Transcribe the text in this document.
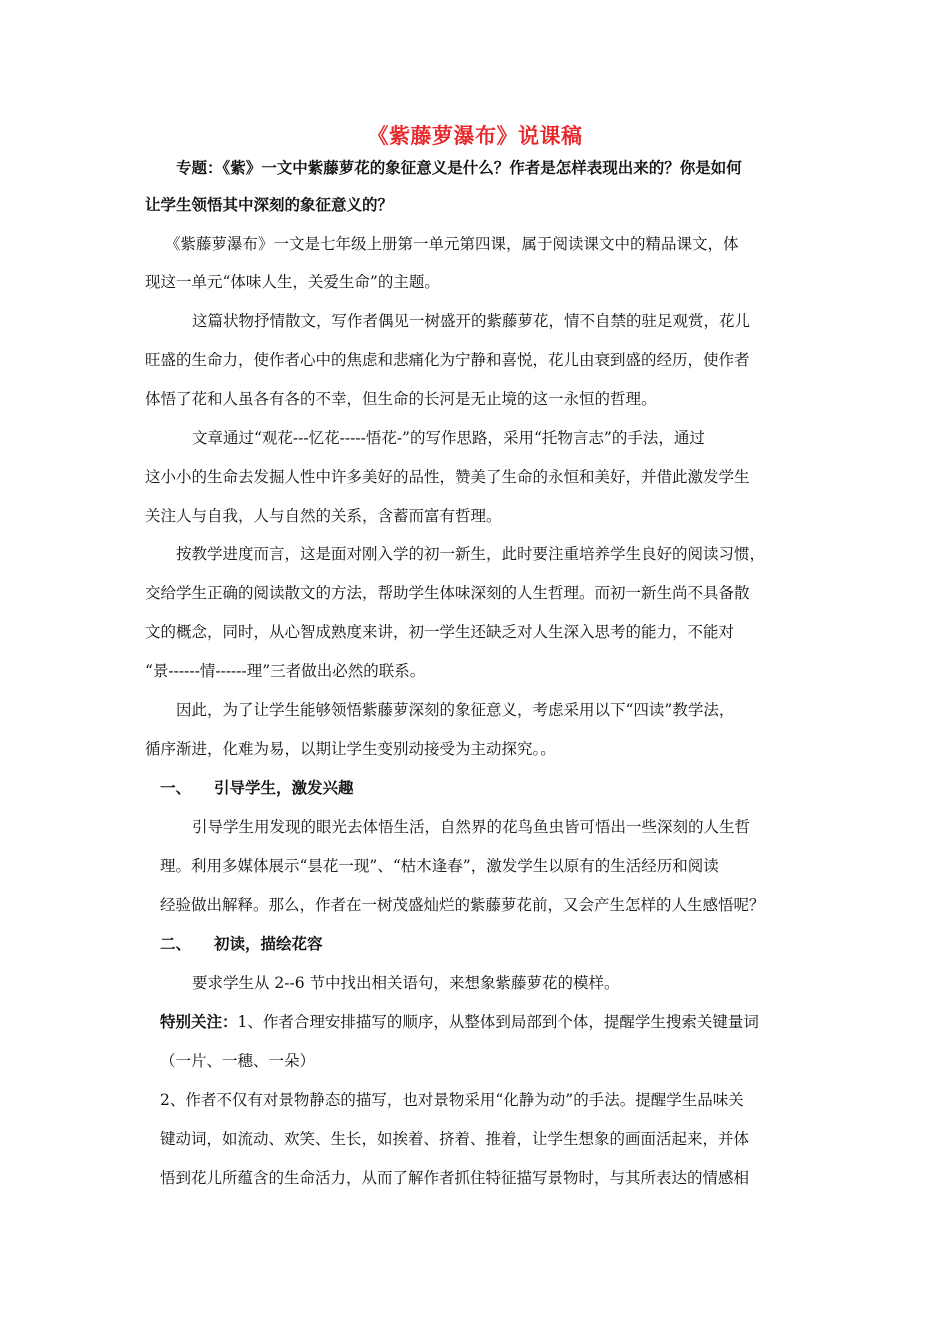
《紫藤萝瀑布》说课稿
专题：《紫》一文中紫藤萝花的象征意义是什么？作者是怎样表现出来的？你是如何
让学生领悟其中深刻的象征意义的？
《紫藤萝瀑布》一文是七年级上册第一单元第四课，属于阅读课文中的精品课文，体
现这一单元“体味人生，关爱生命”的主题。
这篇状物抒情散文，写作者偶见一树盛开的紫藤萝花，情不自禁的驻足观赏，花儿
旺盛的生命力，使作者心中的焦虑和悲痛化为宁静和喜悦，花儿由衰到盛的经历，使作者
体悟了花和人虽各有各的不幸，但生命的长河是无止境的这一永恒的哲理。
文章通过“观花---忆花-----悟花-”的写作思路，采用“托物言志”的手法，通过
这小小的生命去发掘人性中许多美好的品性，赞美了生命的永恒和美好，并借此激发学生
关注人与自我，人与自然的关系，含蓄而富有哲理。
按教学进度而言，这是面对刚入学的初一新生，此时要注重培养学生良好的阅读习惯，
交给学生正确的阅读散文的方法，帮助学生体味深刻的人生哲理。而初一新生尚不具备散
文的概念，同时，从心智成熟度来讲，初一学生还缺乏对人生深入思考的能力，不能对
“景------情------理”三者做出必然的联系。
因此，为了让学生能够领悟紫藤萝深刻的象征意义，考虑采用以下“四读”教学法，
循序渐进，化难为易，以期让学生变别动接受为主动探究。。
一、 引导学生，激发兴趣
引导学生用发现的眼光去体悟生活，自然界的花鸟鱼虫皆可悟出一些深刻的人生哲
理。利用多媒体展示“昙花一现”、“枯木逢春”，激发学生以原有的生活经历和阅读
经验做出解释。那么，作者在一树茂盛灿烂的紫藤萝花前，又会产生怎样的人生感悟呢？
二、 初读，描绘花容
要求学生从 2--6 节中找出相关语句，来想象紫藤萝花的模样。
特别关注：1、作者合理安排描写的顺序，从整体到局部到个体，提醒学生搜索关键量词
（一片、一穗、一朵）
2、作者不仅有对景物静态的描写，也对景物采用“化静为动”的手法。提醒学生品味关
键动词，如流动、欢笑、生长，如挨着、挤着、推着，让学生想象的画面活起来，并体
悟到花儿所蕴含的生命活力，从而了解作者抓住特征描写景物时，与其所表达的情感相
